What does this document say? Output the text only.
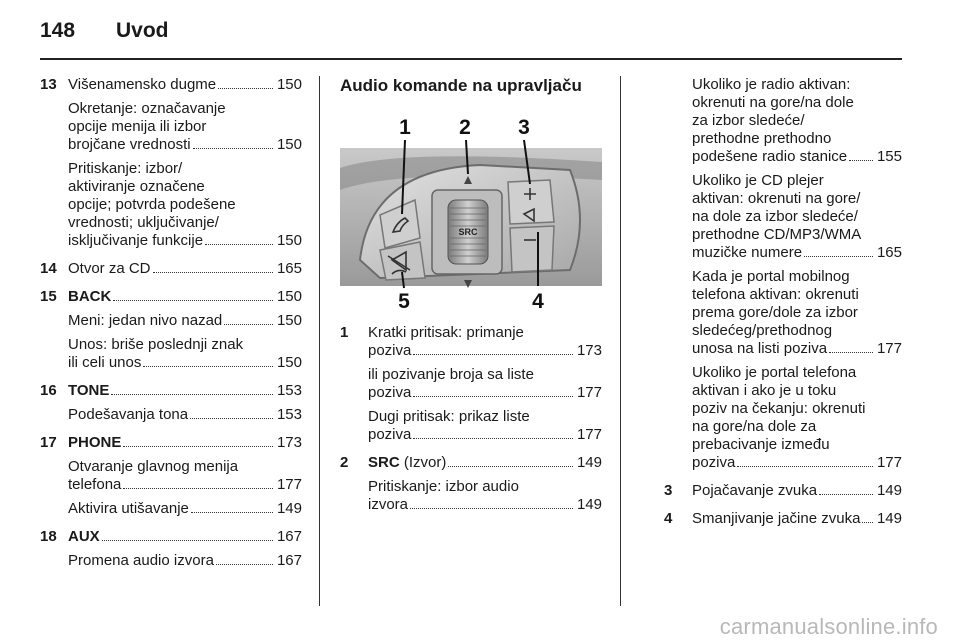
148 Uvod
13 Višenamensko dugme	150
Okretanje: označavanje
opcije menija ili izbor
brojčane vrednosti	150
Pritiskanje: izbor/
aktiviranje označene
opcije; potvrda podešene
vrednosti; uključivanje/
isključivanje funkcije	150
14 Otvor za CD	165
15 BACK	150
Meni: jedan nivo nazad	150
Unos: briše poslednji znak
ili celi unos	150
16 TONE	153
Podešavanja tona	153
17 PHONE	173
Otvaranje glavnog menija
telefona	177
Aktivira utišavanje	149
18 AUX	167
Promena audio izvora	167
Audio komande na upravljaču
SRC
1 2 3
4
5
1	Kratki pritisak: primanje
poziva	173
ili pozivanje broja sa liste
poziva	177
Dugi pritisak: prikaz liste
poziva	177
2	SRC (Izvor)	149
Pritiskanje: izbor audio
izvora	149
Ukoliko je radio aktivan:
okrenuti na gore/na dole
za izbor sledeće/
prethodne prethodno
podešene radio stanice 155
Ukoliko je CD plejer
aktivan: okrenuti na gore/
na dole za izbor sledeće/
prethodne CD/MP3/WMA
muzičke numere	165
Kada je portal mobilnog
telefona aktivan: okrenuti
prema gore/dole za izbor
sledećeg/prethodnog
unosa na listi poziva	177
Ukoliko je portal telefona
aktivan i ako je u toku
poziv na čekanju: okrenuti
na gore/na dole za
prebacivanje između
poziva	177
3	Pojačavanje zvuka	149
4	Smanjivanje jačine zvuka 149
carmanualsonline.info
